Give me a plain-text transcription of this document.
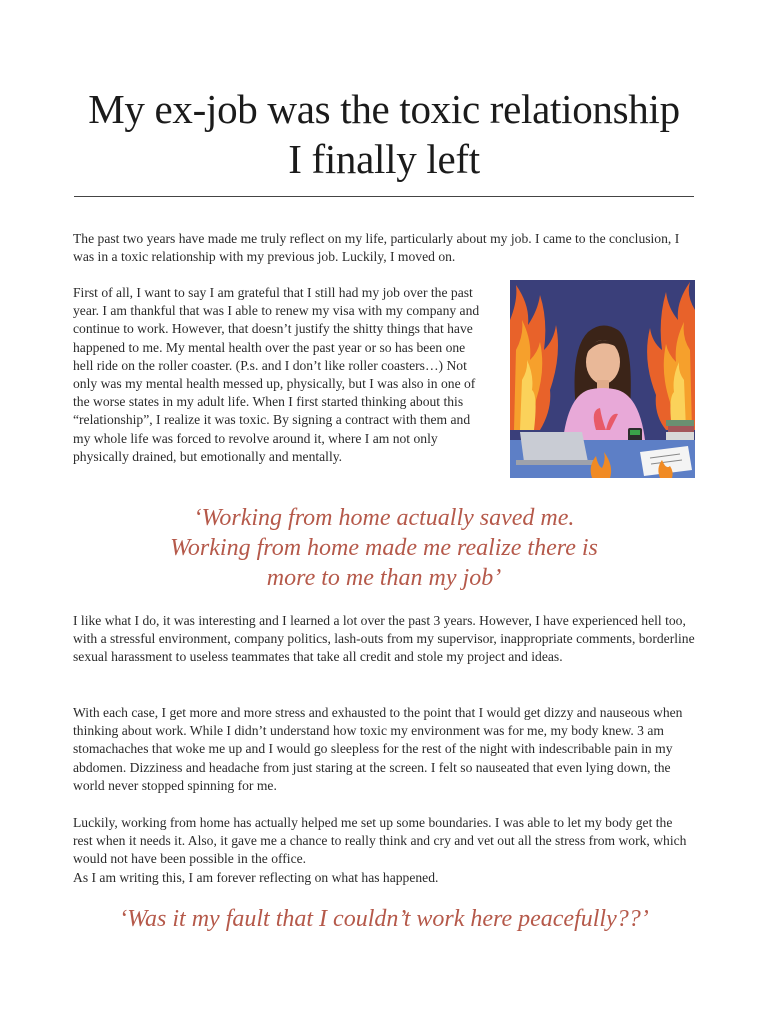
My ex-job was the toxic relationship
I finally left

The past two years have made me truly reflect on my life, particularly about my job. I came to the conclusion, I was in a toxic relationship with my previous job. Luckily, I moved on.

First of all, I want to say I am grateful that I still had my job over the past year. I am thankful that was I able to renew my visa with my company and continue to work. However, that doesn’t justify the shitty things that have happened to me. My mental health over the past year or so has been one hell ride on the roller coaster. (P.s. and I don’t like roller coasters…) Not only was my mental health messed up, physically, but I was also in one of the worse states in my adult life. When I first started thinking about this “relationship”, I realize it was toxic. By signing a contract with them and my whole life was forced to revolve around it, where I am not only physically drained, but emotionally and mentally.

‘Working from home actually saved me.
Working from home made me realize there is
more to me than my job’

I like what I do, it was interesting and I learned a lot over the past 3 years. However, I have experienced hell too, with a stressful environment, company politics, lash-outs from my supervisor, inappropriate comments, borderline sexual harassment to useless teammates that take all credit and stole my project and ideas.

With each case, I get more and more stress and exhausted to the point that I would get dizzy and nauseous when thinking about work. While I didn’t understand how toxic my environment was for me, my body knew. 3 am stomachaches that woke me up and I would go sleepless for the rest of the night with indescribable pain in my abdomen. Dizziness and headache from just staring at the screen. I felt so nauseated that even lying down, the world never stopped spinning for me.

Luckily, working from home has actually helped me set up some boundaries. I was able to let my body get the rest when it needs it. Also, it gave me a chance to really think and cry and vet out all the stress from work, which would not have been possible in the office.
As I am writing this, I am forever reflecting on what has happened.

‘Was it my fault that I couldn’t work here peacefully??’
